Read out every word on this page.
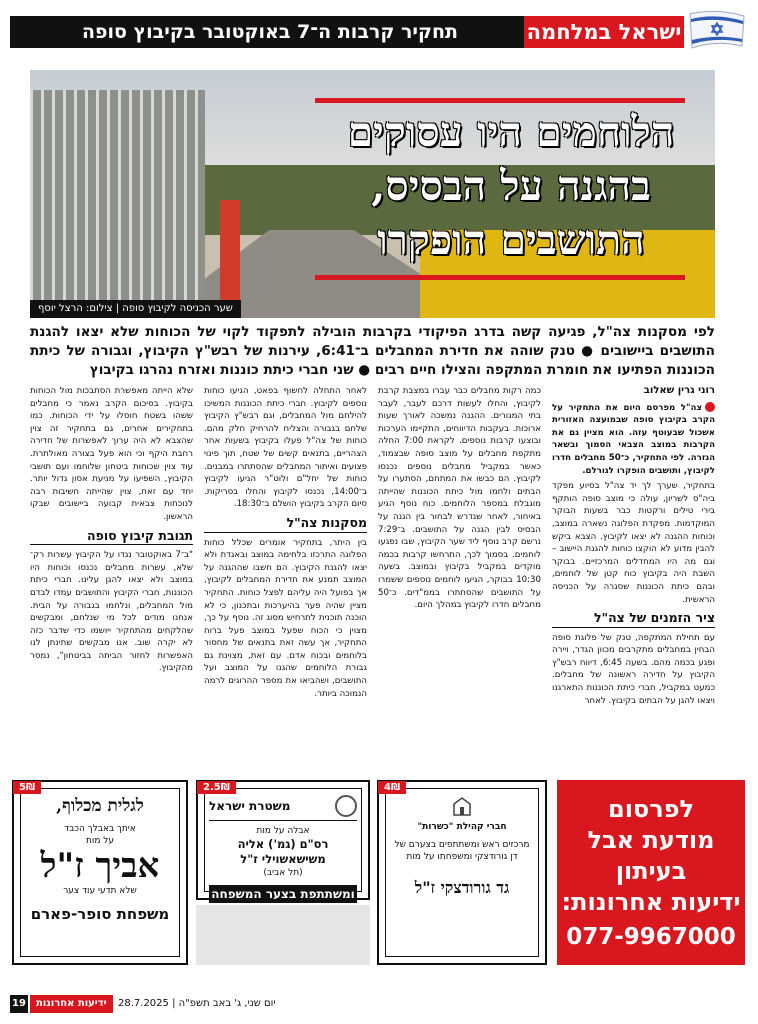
תחקיר קרבות ה־7 באוקטובר בקיבוץ סופה	ישראל במלחמה
הלוחמים היו עסוקים
בהגנה על הבסיס,
התושבים הופקרו
שער הכניסה לקיבוץ סופה | צילום: הרצל יוסף
לפי מסקנות צה"ל, פגיעה קשה בדרג הפיקודי בקרבות הובילה לתפקוד לקוי של הכוחות שלא יצאו להגנת התושבים ביישובים ● טנק שוהה את חדירת המחבלים ב־6:41, עירנות של רבש"ץ הקיבוץ, וגבורה של כיתת הכוננות הפתיעו את חומרת המתקפה והצילו חיים רבים ● שני חברי כיתת כוננות ואזרח נהרגו בקיבוץ
רוני גרין שאלוב

צה"ל מפרסם היום את התחקיר על הקרב בקיבוץ סופה שבמועצה האזורית אשכול שבעוטף עזה. הוא מציין גם את הקרבות במוצב הצבאי הסמוך ובשאר הגזרה. לפי התחקיר, כ־50 מחבלים חדרו לקיבוץ, ותושבים הופקרו לגורלם.

בתחקיר, שערך לך יד צה"ל בסיוע מפקד ביה"ס לשריון, עולה כי מוצב סופה הותקף בירי טילים ורקטות כבר בשעות הבוקר המוקדמות. מפקדת הפלוגה נשארה במוצב, וכוחות ההגנה לא יצאו לקיבוץ. הצבא ביקש להבין מדוע לא הוקצו כוחות להגנת היישוב – וגם מה היו המחדלים המרכזיים. בבוקר השבת היה בקיבוץ כוח קטן של לוחמים, ובהם כיתת הכוננות שסגרה על הכניסה הראשית.

ציר הזמנים של צה"ל

עם תחילת המתקפה, טנק של פלוגת סופה הבחין במחבלים מתקרבים מכוון הגדר, ויירה ופגע בכמה מהם. בשעה 6:45, דיווח רבש"ץ הקיבוץ על חדירה ראשונה של מחבלים. כמעט במקביל, חברי כיתת הכוננות התארגנו ויצאו להגן על הבתים בקיבוץ. לאחר

כמה רקות מחבלים כבר עברו במצבת קרבת לקיבוץ, והחלו לעשות דרכם לעבר, לעבר בתי המגורים. ההגנה נמשכה לאורך שעות ארוכות. בעקבות הדיווחים, התקיימו הערכות ובוצעו קרבות נוספים. לקראת 7:00 החלה מתקפת מחבלים על מוצב סופה שבצמוד, כאשר במקביל מחבלים נוספים נכנסו לקיבוץ. הם כבשו את המתחם, הסתערו על הבתים ולחמו מול כיתת הכוננות שהייתה מוגבלת במספר הלוחמים. כוח נוסף הגיע באיחור, לאחר שנדרש לבחור בין הגנה על הבסיס לבין הגנה על התושבים. ב־7:29 נרשם קרב נוסף ליד שער הקיבוץ, שבו נפגעו לוחמים. בסמוך לכך, התרחשו קרבות בכמה מוקדים במקביל בקיבוץ ובמוצב. בשעה 10:30 בבוקר, הגיעו לוחמים נוספים ששמרו על התושבים שהסתתרו בממ"דים. כ־50 מחבלים חדרו לקיבוץ במהלך היום.

לאחר התחלה לחשוף בפאט, הגיעו כוחות נוספים לקיבוץ. חברי כיתת הכוננות המשיכו להילחם מול המחבלים, וגם רבש"ץ הקיבוץ שלחם בגבורה והצליח להרחיק חלק מהם. כוחות של צה"ל פעלו בקיבוץ בשעות אחר הצהריים, בתנאים קשים של שטח, תוך פינוי פצועים ואיתור המחבלים שהסתתרו במבנים. כוחות של יחל"ם ולוט"ר הגיעו לקיבוץ ב־14:00, נכנסו לקיבוץ והחלו בסריקות. סיום הקרב בקיבוץ הושלם ב־18:30.

מסקנות צה"ל

בין היתר, בתחקיר אומרים שכלל כוחות הפלוגה התרכזו בלחימה במוצב ובאגדת ולא יצאו להגנת הקיבוץ. הם חשבו שההגנה על המוצב תמנע את חדירת המחבלים לקיבוץ, אך בפועל היה עליהם לפצל כוחות. התחקיר מציין שהיה פער בהיערכות ובתכנון, כי לא הוכנה תוכנית לתרחיש מסוג זה. נוסף על כך, מצוין כי הכוח שפעל במוצב פעל ברוח התחקיר, אך עשה זאת בתנאים של מחסור בלוחמים ובכוח אדם. עם זאת, מצוינת גם גבורת הלוחמים שהגנו על המוצב ועל התושבים, ושהביאו את מספר ההרוגים לרמה הנמוכה ביותר.

שלא הייתה מאפשרת הסתבכות מול הכוחות בקיבוץ. בסיכום הקרב נאמר כי מחבלים ששהו בשטח חוסלו על ידי הכוחות. כמו בתחקירים אחרים, גם בתחקיר זה צוין שהצבא לא היה ערוך לאפשרות של חדירה רחבת היקף וכי הוא פעל בצורה מאולתרת. עוד צוין שכוחות ביטחון שלוחמו ועם תושבי הקיבוץ, השפיעו על מניעת אסון גדול יותר. יחד עם זאת, צוין שהייתה חשיבות רבה לנוכחות צבאית קבועה ביישובים שבקו הראשון.

תגובת קיבוץ סופה

"ב־7 באוקטובר נגדו על הקיבוץ עשרות רק־ שלא, עשרות מחבלים נכנסו וכוחות היו במוצב ולא יצאו להגן עלינו. חברי כיתת הכוננות, חברי הקיבוץ והתושבים עמדו לבדם מול המחבלים, ונלחמו בגבורה על הבית. אנחנו מודים לכל מי שנלחם, ומבקשים שהלקחים מהתחקיר ייושמו כדי שדבר כזה לא יקרה שוב. אנו מבקשים שתינתן לנו האפשרות לחזור הביתה בביטחון", נמסר מהקיבוץ.

לפרסום
מודעת אבל
בעיתון
ידיעות אחרונות:
077-9967000
4₪
חברי קהילת "כשרות"
מרכזים ראש ומשתתפים בצערם של דן גורודצקי ומשפחתו על מות
גד גורודצקי ז"ל
2.5₪
משטרת ישראל
אבלה על מות
רס"ם (גמ') אליה משישאשוילי ז"ל
(תל אביב)
ומשתתפת בצער המשפחה
5₪
לגלית מכלוף,
איתך באבלך הכבד
על מות
אביך ז"ל
שלא תדעי עוד צער
משפחת סופר-פארם
19	ידיעות אחרונות	יום שני, ג' באב תשפ"ה | 28.7.2025
